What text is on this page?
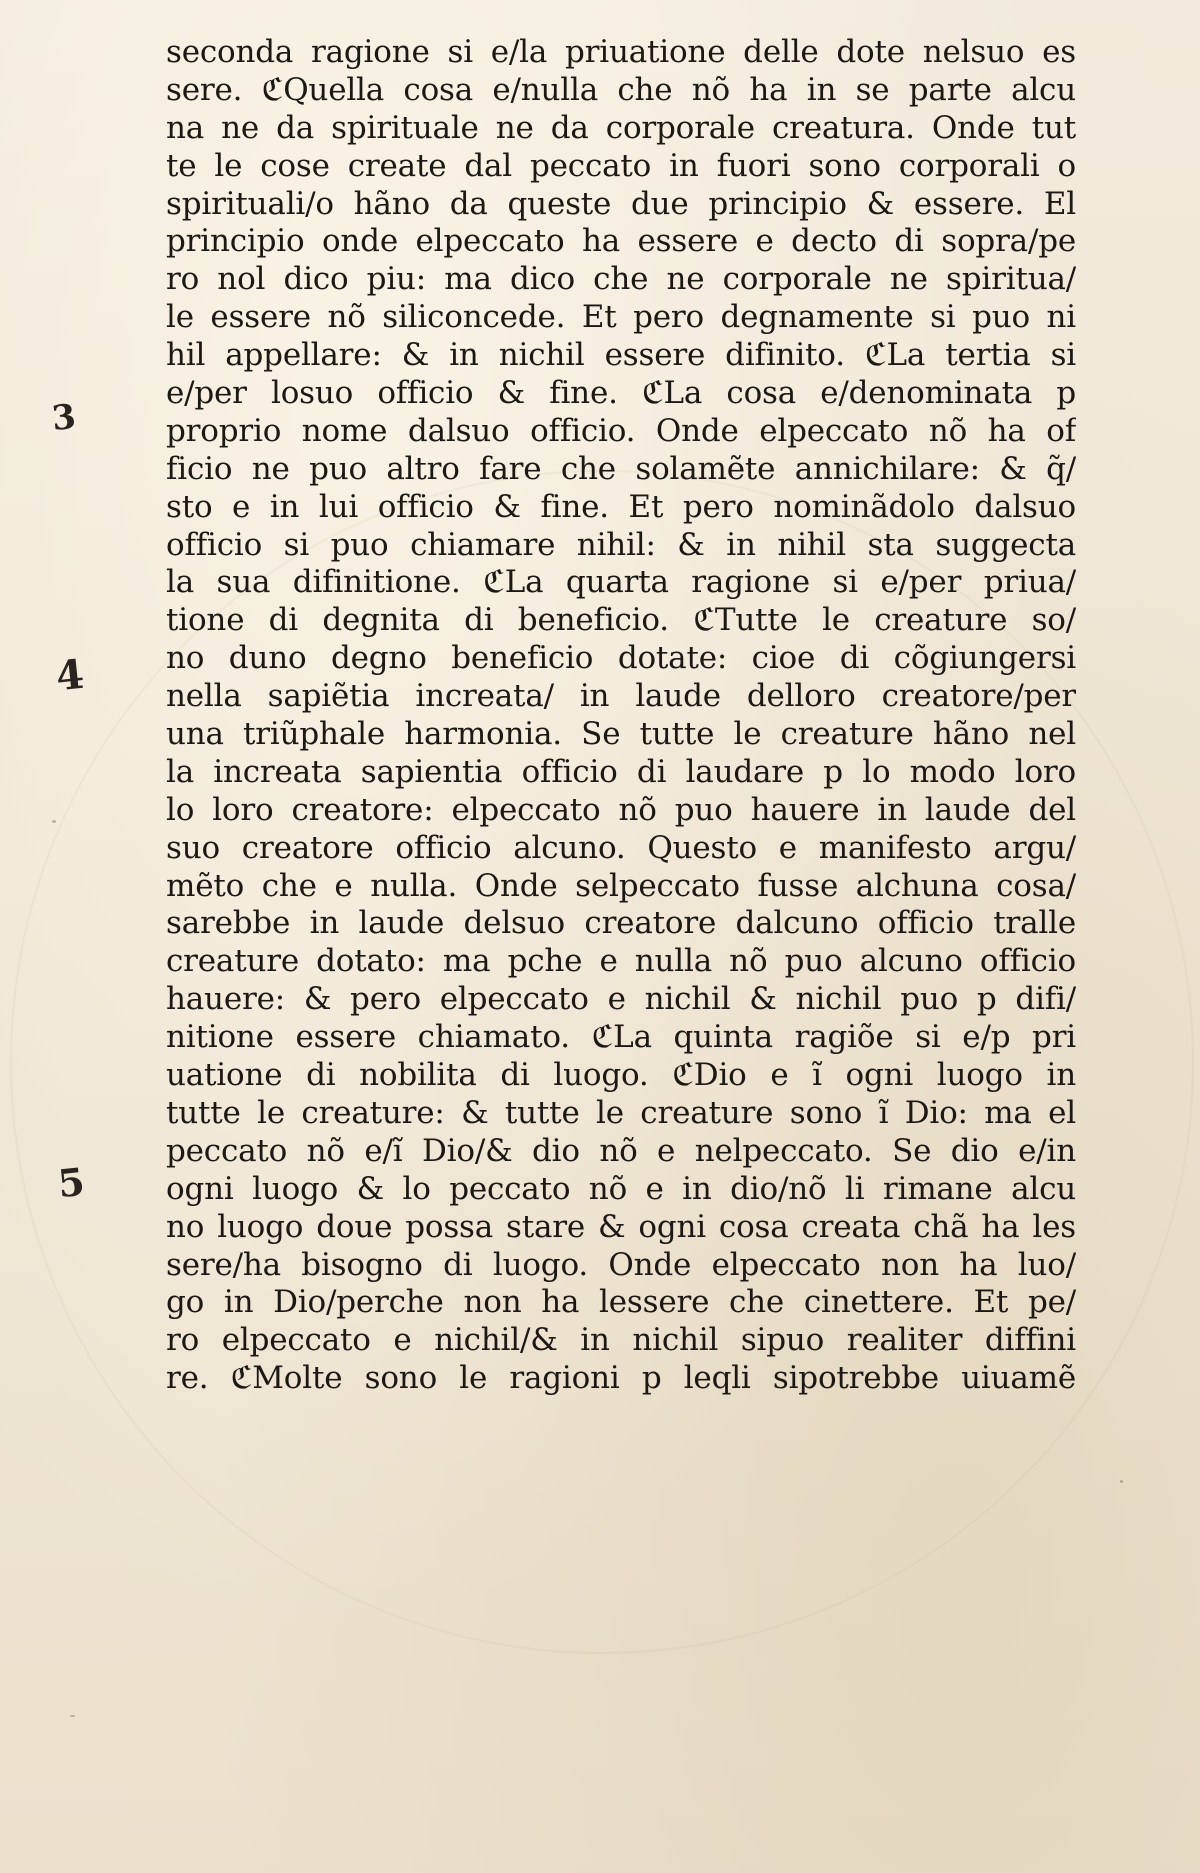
3
4
5
seconda ragione si e/la priuatione delle dote nelsuo es
sere. ℭQuella cosa e/nulla che nõ ha in se parte alcu
na ne da spirituale ne da corporale creatura. Onde tut
te le cose create dal peccato in fuori sono corporali o
spirituali/o hãno da queste due principio & essere. El
principio onde elpeccato ha essere e decto di sopra/pe
ro nol dico piu: ma dico che ne corporale ne spiritua/
le essere nõ siliconcede. Et pero degnamente si puo ni
hil appellare: & in nichil essere difinito. ℭLa tertia si
e/per losuo officio & fine. ℭLa cosa e/denominata p
proprio nome dalsuo officio. Onde elpeccato nõ ha of
ficio ne puo altro fare che solamẽte annichilare: & q̃/
sto e in lui officio & fine. Et pero nominãdolo dalsuo
officio si puo chiamare nihil: & in nihil sta suggecta
la sua difinitione. ℭLa quarta ragione si e/per priua/
tione di degnita di beneficio. ℭTutte le creature so/
no duno degno beneficio dotate: cioe di cõgiungersi
nella sapiẽtia increata/ in laude delloro creatore/per
una triũphale harmonia. Se tutte le creature hãno nel
la increata sapientia officio di laudare p lo modo loro
lo loro creatore: elpeccato nõ puo hauere in laude del
suo creatore officio alcuno. Questo e manifesto argu/
mẽto che e nulla. Onde selpeccato fusse alchuna cosa/
sarebbe in laude delsuo creatore dalcuno officio tralle
creature dotato: ma pche e nulla nõ puo alcuno officio
hauere: & pero elpeccato e nichil & nichil puo p difi/
nitione essere chiamato. ℭLa quinta ragiõe si e/p pri
uatione di nobilita di luogo. ℭDio e ĩ ogni luogo in
tutte le creature: & tutte le creature sono ĩ Dio: ma el
peccato nõ e/ĩ Dio/& dio nõ e nelpeccato. Se dio e/in
ogni luogo & lo peccato nõ e in dio/nõ li rimane alcu
no luogo doue possa stare & ogni cosa creata chã ha les
sere/ha bisogno di luogo. Onde elpeccato non ha luo/
go in Dio/perche non ha lessere che cinettere. Et pe/
ro elpeccato e nichil/& in nichil sipuo realiter diffini
re. ℭMolte sono le ragioni p leqli sipotrebbe uiuamẽ
